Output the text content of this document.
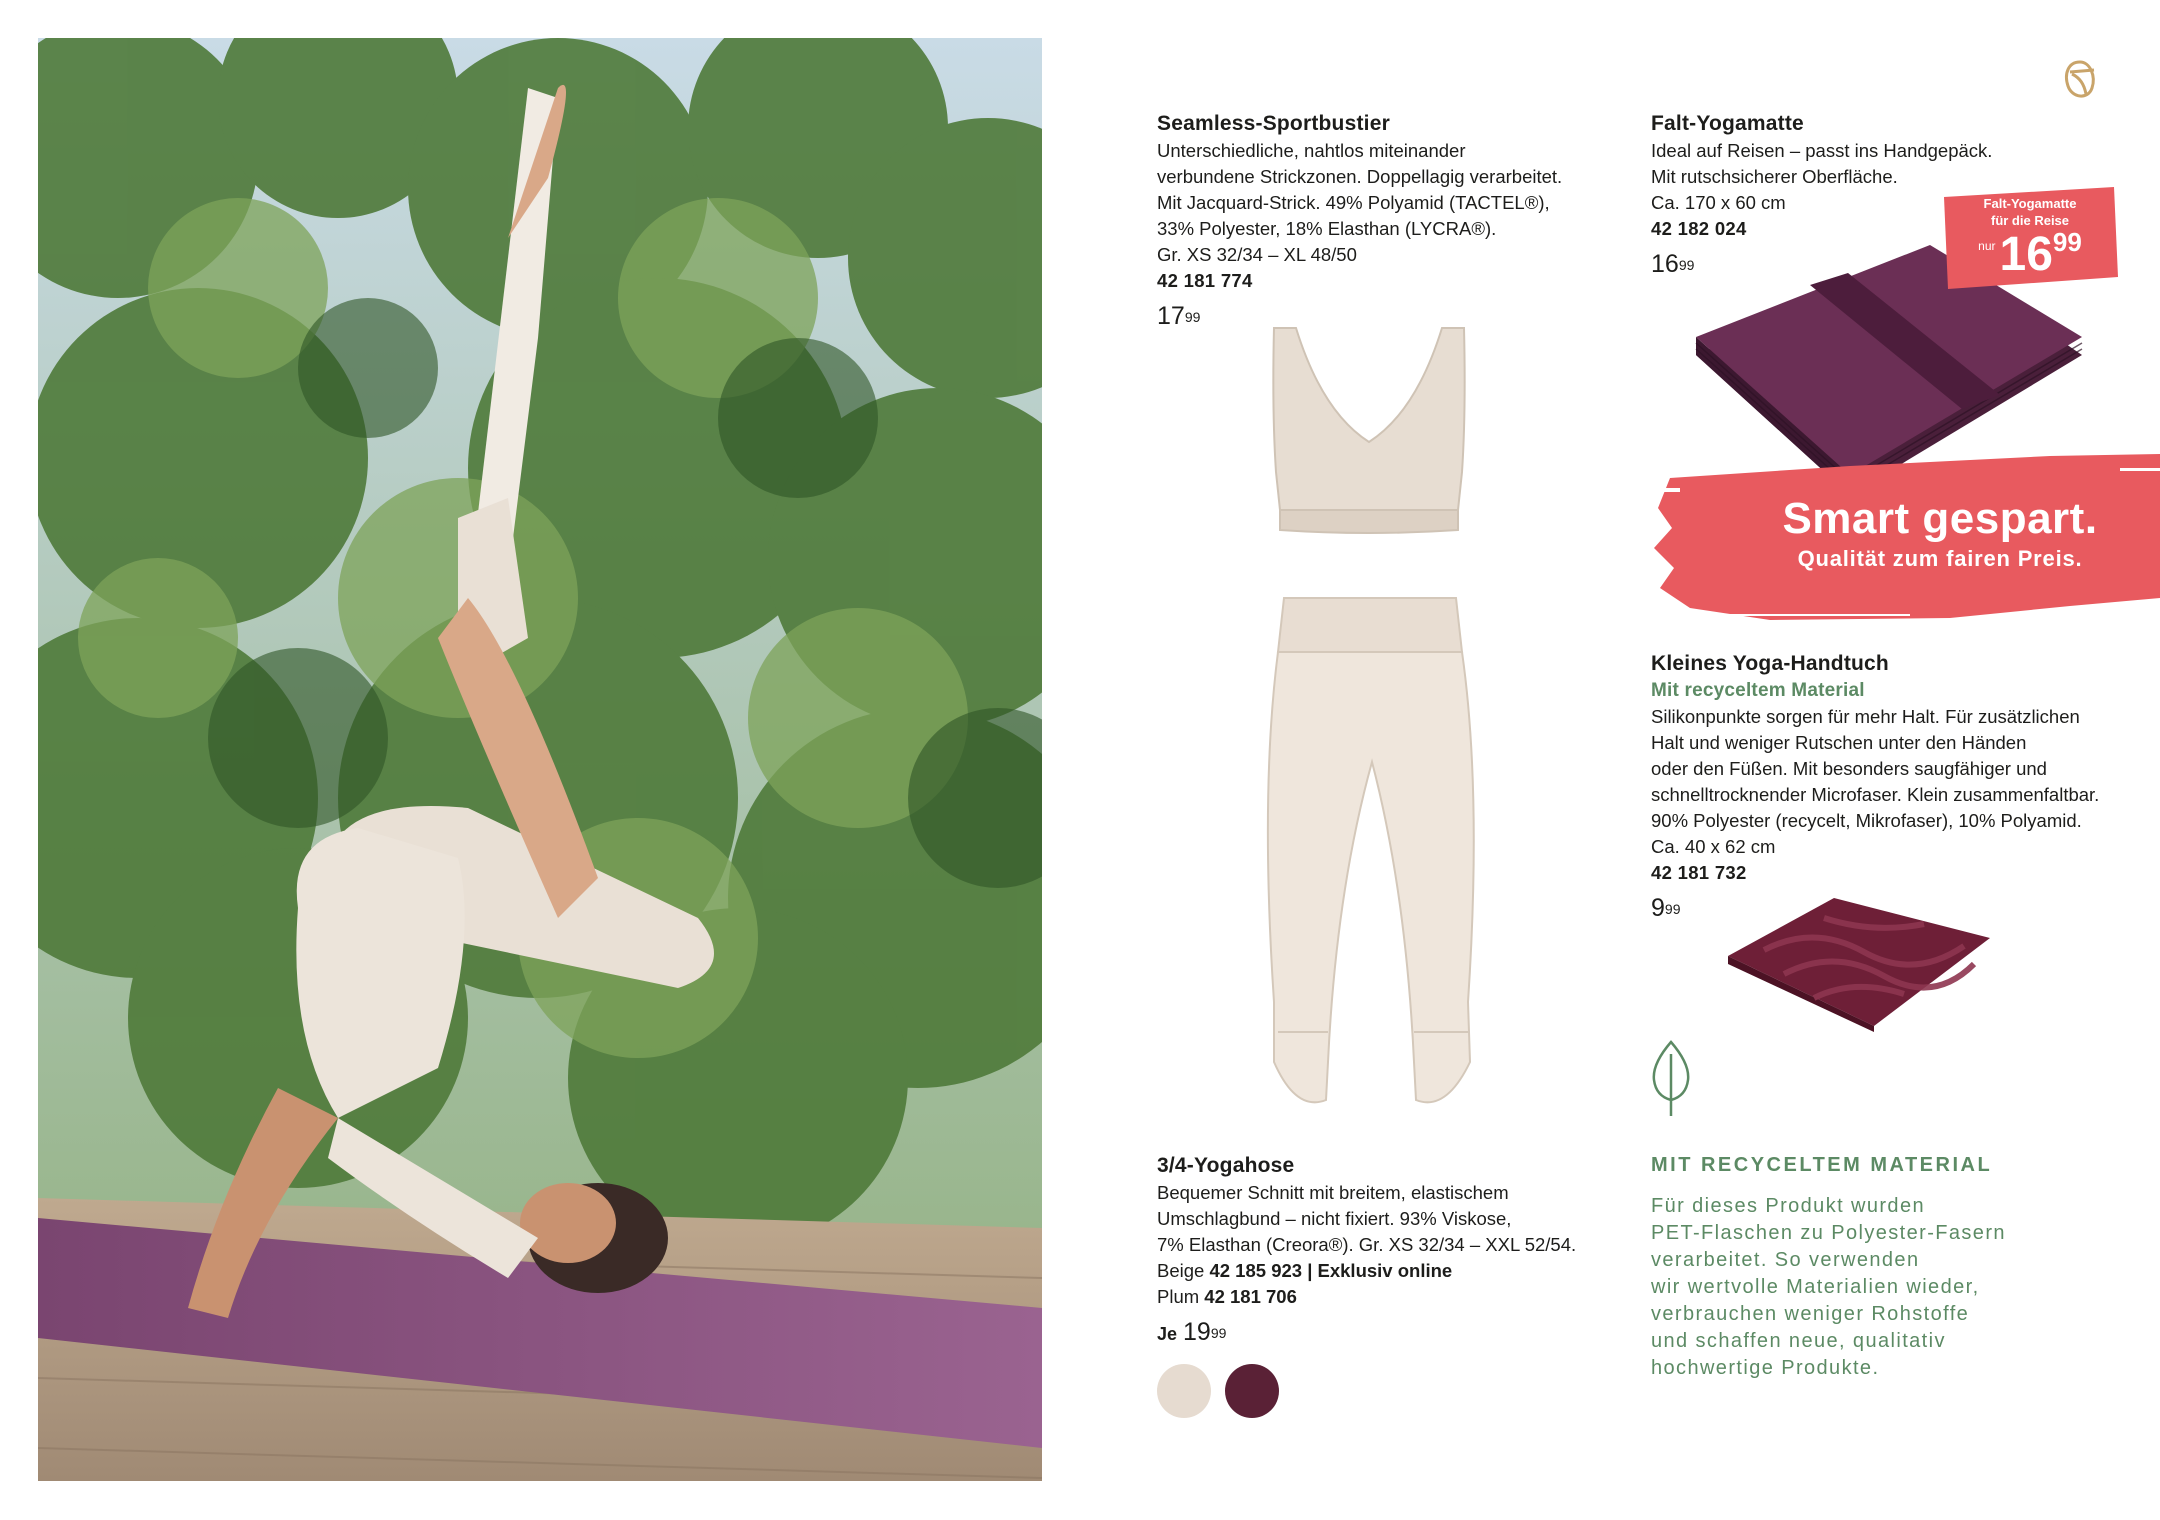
Seamless-Sportbustier
Unterschiedliche, nahtlos miteinander
verbundene Strickzonen. Doppellagig verarbeitet.
Mit Jacquard-Strick. 49% Polyamid (TACTEL®),
33% Polyester, 18% Elasthan (LYCRA®).
Gr. XS 32/34 – XL 48/50
42 181 774
$17^{99}$
3/4-Yogahose
Bequemer Schnitt mit breitem, elastischem
Umschlagbund – nicht fixiert. 93% Viskose,
7% Elasthan (Creora®). Gr. XS 32/34 – XXL 52/54.
Beige 42 185 923 | Exklusiv online
Plum 42 181 706
Je $19^{99}$

Falt-Yogamatte
Ideal auf Reisen – passt ins Handgepäck.
Mit rutschsicherer Oberfläche.
Ca. 170 x 60 cm
42 182 024
$16^{99}$
Falt-Yogamatte
für die Reise
nur $16^{99}$
Smart gespart.
Qualität zum fairen Preis.
Kleines Yoga-Handtuch
Mit recyceltem Material
Silikonpunkte sorgen für mehr Halt. Für zusätzlichen
Halt und weniger Rutschen unter den Händen
oder den Füßen. Mit besonders saugfähiger und
schnelltrocknender Microfaser. Klein zusammenfaltbar.
90% Polyester (recycelt, Mikrofaser), 10% Polyamid.
Ca. 40 x 62 cm
42 181 732
$9^{99}$
MIT RECYCELTEM MATERIAL
Für dieses Produkt wurden
PET-Flaschen zu Polyester-Fasern
verarbeitet. So verwenden
wir wertvolle Materialien wieder,
verbrauchen weniger Rohstoffe
und schaffen neue, qualitativ
hochwertige Produkte.
